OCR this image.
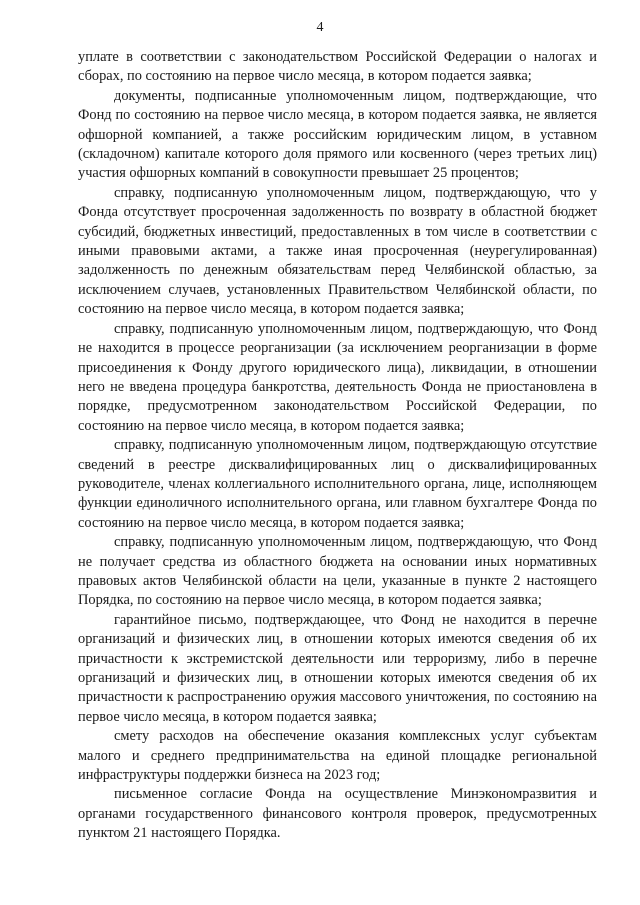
4

уплате в соответствии с законодательством Российской Федерации о налогах и сборах, по состоянию на первое число месяца, в котором подается заявка;

документы, подписанные уполномоченным лицом, подтверждающие, что Фонд по состоянию на первое число месяца, в котором подается заявка, не является офшорной компанией, а также российским юридическим лицом, в уставном (складочном) капитале которого доля прямого или косвенного (через третьих лиц) участия офшорных компаний в совокупности превышает 25 процентов;

справку, подписанную уполномоченным лицом, подтверждающую, что у Фонда отсутствует просроченная задолженность по возврату в областной бюджет субсидий, бюджетных инвестиций, предоставленных в том числе в соответствии с иными правовыми актами, а также иная просроченная (неурегулированная) задолженность по денежным обязательствам перед Челябинской областью, за исключением случаев, установленных Правительством Челябинской области, по состоянию на первое число месяца, в котором подается заявка;

справку, подписанную уполномоченным лицом, подтверждающую, что Фонд не находится в процессе реорганизации (за исключением реорганизации в форме присоединения к Фонду другого юридического лица), ликвидации, в отношении него не введена процедура банкротства, деятельность Фонда не приостановлена в порядке, предусмотренном законодательством Российской Федерации, по состоянию на первое число месяца, в котором подается заявка;

справку, подписанную уполномоченным лицом, подтверждающую отсутствие сведений в реестре дисквалифицированных лиц о дисквалифицированных руководителе, членах коллегиального исполнительного органа, лице, исполняющем функции единоличного исполнительного органа, или главном бухгалтере Фонда по состоянию на первое число месяца, в котором подается заявка;

справку, подписанную уполномоченным лицом, подтверждающую, что Фонд не получает средства из областного бюджета на основании иных нормативных правовых актов Челябинской области на цели, указанные в пункте 2 настоящего Порядка, по состоянию на первое число месяца, в котором подается заявка;

гарантийное письмо, подтверждающее, что Фонд не находится в перечне организаций и физических лиц, в отношении которых имеются сведения об их причастности к экстремистской деятельности или терроризму, либо в перечне организаций и физических лиц, в отношении которых имеются сведения об их причастности к распространению оружия массового уничтожения, по состоянию на первое число месяца, в котором подается заявка;

смету расходов на обеспечение оказания комплексных услуг субъектам малого и среднего предпринимательства на единой площадке региональной инфраструктуры поддержки бизнеса на 2023 год;

письменное согласие Фонда на осуществление Минэкономразвития и органами государственного финансового контроля проверок, предусмотренных пунктом 21 настоящего Порядка.
